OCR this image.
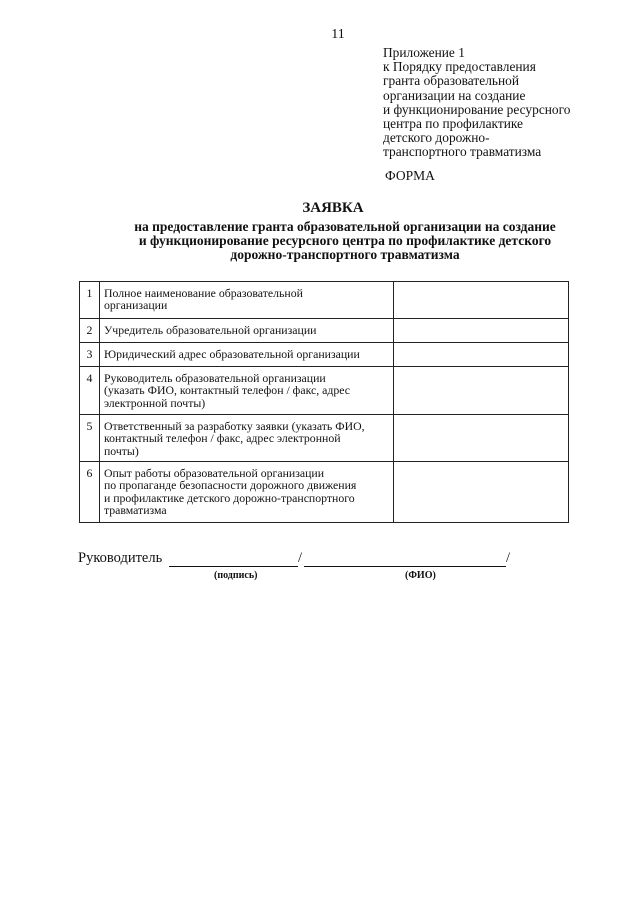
11
Приложение 1
к Порядку предоставления
гранта образовательной
организации на создание
и функционирование ресурсного
центра по профилактике
детского дорожно-
транспортного травматизма
ФОРМА
ЗАЯВКА
на предоставление гранта образовательной организации на создание
и функционирование ресурсного центра по профилактике детского
дорожно-транспортного травматизма
1	Полное наименование образовательной
организации	

2	Учредитель образовательной организации	

3	Юридический адрес образовательной организации	

4	Руководитель образовательной организации
(указать ФИО, контактный телефон / факс, адрес
электронной почты)	

5	Ответственный за разработку заявки (указать ФИО,
контактный телефон / факс, адрес электронной
почты)	

6	Опыт работы образовательной организации
по пропаганде безопасности дорожного движения
и профилактике детского дорожно-транспортного
травматизма	

Руководитель	/	/
(подпись)	(ФИО)
